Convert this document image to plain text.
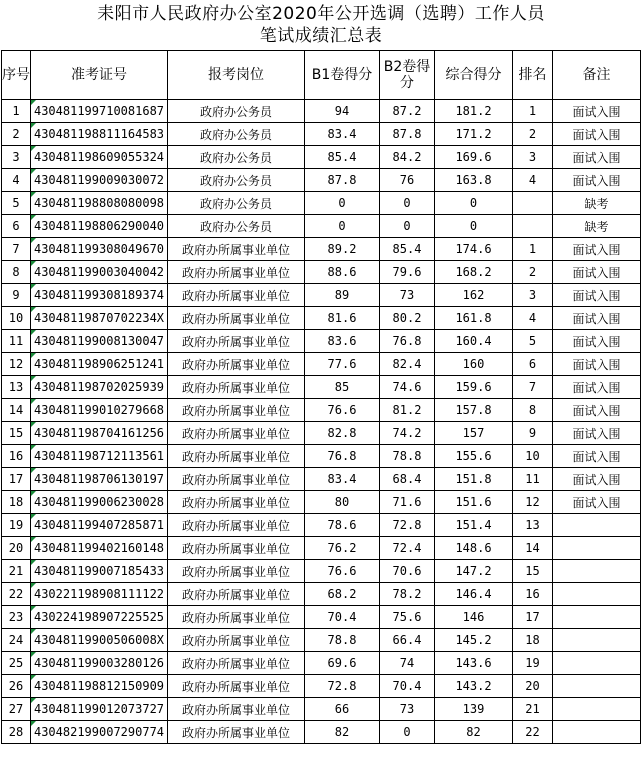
耒阳市人民政府办公室2020年公开选调（选聘）工作人员
笔试成绩汇总表
序号	准考证号	报考岗位	B1卷得分	B2卷得分	综合得分	排名	备注
1	430481199710081687	政府办公务员	94	87.2	181.2	1	面试入围
2	430481198811164583	政府办公务员	83.4	87.8	171.2	2	面试入围
3	430481198609055324	政府办公务员	85.4	84.2	169.6	3	面试入围
4	430481199009030072	政府办公务员	87.8	76	163.8	4	面试入围
5	430481198808080098	政府办公务员	0	0	0		缺考
6	430481198806290040	政府办公务员	0	0	0		缺考
7	430481199308049670	政府办所属事业单位	89.2	85.4	174.6	1	面试入围
8	430481199003040042	政府办所属事业单位	88.6	79.6	168.2	2	面试入围
9	430481199308189374	政府办所属事业单位	89	73	162	3	面试入围
10	43048119870702234X	政府办所属事业单位	81.6	80.2	161.8	4	面试入围
11	430481199008130047	政府办所属事业单位	83.6	76.8	160.4	5	面试入围
12	430481198906251241	政府办所属事业单位	77.6	82.4	160	6	面试入围
13	430481198702025939	政府办所属事业单位	85	74.6	159.6	7	面试入围
14	430481199010279668	政府办所属事业单位	76.6	81.2	157.8	8	面试入围
15	430481198704161256	政府办所属事业单位	82.8	74.2	157	9	面试入围
16	430481198712113561	政府办所属事业单位	76.8	78.8	155.6	10	面试入围
17	430481198706130197	政府办所属事业单位	83.4	68.4	151.8	11	面试入围
18	430481199006230028	政府办所属事业单位	80	71.6	151.6	12	面试入围
19	430481199407285871	政府办所属事业单位	78.6	72.8	151.4	13	
20	430481199402160148	政府办所属事业单位	76.2	72.4	148.6	14	
21	430481199007185433	政府办所属事业单位	76.6	70.6	147.2	15	
22	430221198908111122	政府办所属事业单位	68.2	78.2	146.4	16	
23	430224198907225525	政府办所属事业单位	70.4	75.6	146	17	
24	43048119900506008X	政府办所属事业单位	78.8	66.4	145.2	18	
25	430481199003280126	政府办所属事业单位	69.6	74	143.6	19	
26	430481198812150909	政府办所属事业单位	72.8	70.4	143.2	20	
27	430481199012073727	政府办所属事业单位	66	73	139	21	
28	430482199007290774	政府办所属事业单位	82	0	82	22	
